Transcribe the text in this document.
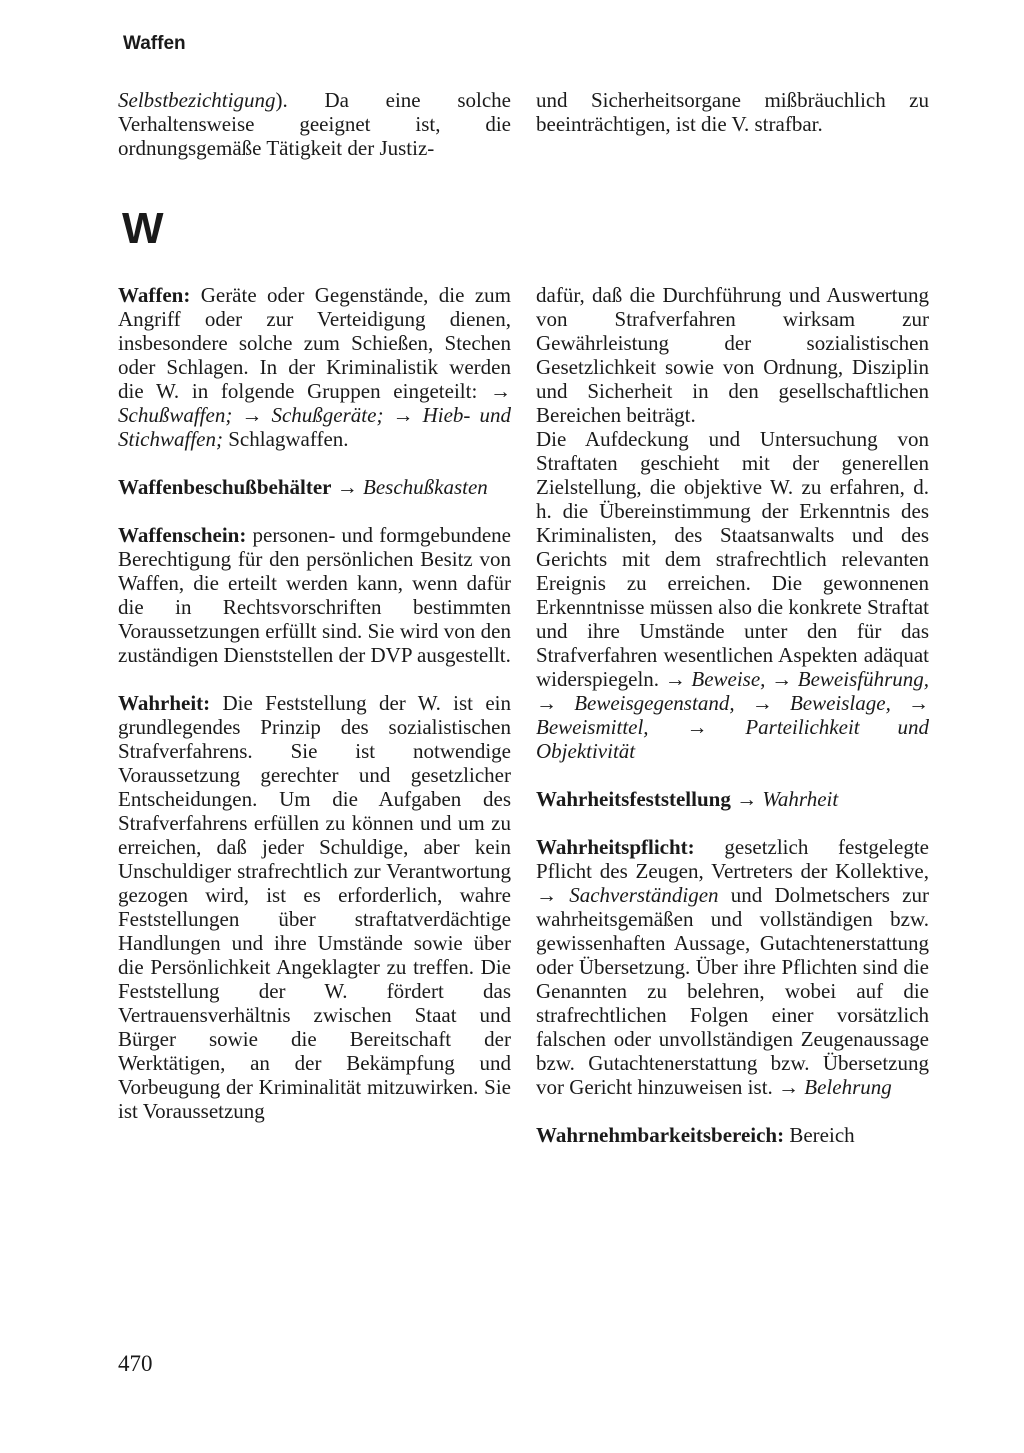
Waffen

Selbstbezichtigung). Da eine solche Verhaltensweise geeignet ist, die ordnungsgemäße Tätigkeit der Justiz-

und Sicherheitsorgane mißbräuchlich zu beeinträchtigen, ist die V. strafbar.

W

Waffen: Geräte oder Gegenstände, die zum Angriff oder zur Verteidigung dienen, insbesondere solche zum Schießen, Stechen oder Schlagen. In der Kriminalistik werden die W. in folgende Gruppen eingeteilt: → Schußwaffen; → Schußgeräte; → Hieb- und Stichwaffen; Schlagwaffen.

Waffenbeschußbehälter → Beschußkasten

Waffenschein: personen- und formgebundene Berechtigung für den persönlichen Besitz von Waffen, die erteilt werden kann, wenn dafür die in Rechtsvorschriften bestimmten Voraussetzungen erfüllt sind. Sie wird von den zuständigen Dienststellen der DVP ausgestellt.

Wahrheit: Die Feststellung der W. ist ein grundlegendes Prinzip des sozialistischen Strafverfahrens. Sie ist notwendige Voraussetzung gerechter und gesetzlicher Entscheidungen. Um die Aufgaben des Strafverfahrens erfüllen zu können und um zu erreichen, daß jeder Schuldige, aber kein Unschuldiger strafrechtlich zur Verantwortung gezogen wird, ist es erforderlich, wahre Feststellungen über straftatverdächtige Handlungen und ihre Umstände sowie über die Persönlichkeit Angeklagter zu treffen. Die Feststellung der W. fördert das Vertrauensverhältnis zwischen Staat und Bürger sowie die Bereitschaft der Werktätigen, an der Bekämpfung und Vorbeugung der Kriminalität mitzuwirken. Sie ist Voraussetzung

dafür, daß die Durchführung und Auswertung von Strafverfahren wirksam zur Gewährleistung der sozialistischen Gesetzlichkeit sowie von Ordnung, Disziplin und Sicherheit in den gesellschaftlichen Bereichen beiträgt.

Die Aufdeckung und Untersuchung von Straftaten geschieht mit der generellen Zielstellung, die objektive W. zu erfahren, d. h. die Übereinstimmung der Erkenntnis des Kriminalisten, des Staatsanwalts und des Gerichts mit dem strafrechtlich relevanten Ereignis zu erreichen. Die gewonnenen Erkenntnisse müssen also die konkrete Straftat und ihre Umstände unter den für das Strafverfahren wesentlichen Aspekten adäquat widerspiegeln. → Beweise, → Beweisführung, → Beweisgegenstand, → Beweislage, → Beweismittel, → Parteilichkeit und Objektivität

Wahrheitsfeststellung → Wahrheit

Wahrheitspflicht: gesetzlich festgelegte Pflicht des Zeugen, Vertreters der Kollektive, → Sachverständigen und Dolmetschers zur wahrheitsgemäßen und vollständigen bzw. gewissenhaften Aussage, Gutachtenerstattung oder Übersetzung. Über ihre Pflichten sind die Genannten zu belehren, wobei auf die strafrechtlichen Folgen einer vorsätzlich falschen oder unvollständigen Zeugenaussage bzw. Gutachtenerstattung bzw. Übersetzung vor Gericht hinzuweisen ist. → Belehrung

Wahrnehmbarkeitsbereich: Bereich

470
